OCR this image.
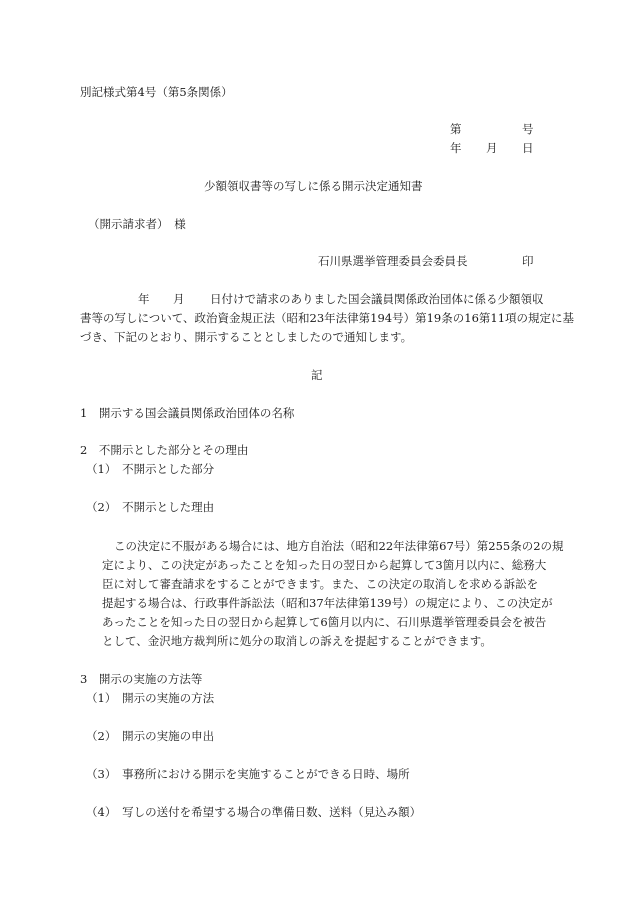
別記様式第4号（第5条関係）
第	号
年 月 日
少額領収書等の写しに係る開示決定通知書
（開示請求者）　様
石川県選挙管理委員会委員長	印
年 月 日付けで請求のありました国会議員関係政治団体に係る少額領収
書等の写しについて、政治資金規正法（昭和23年法律第194号）第19条の16第11項の規定に基
づき、下記のとおり、開示することとしましたので通知します。
記
1　開示する国会議員関係政治団体の名称
2　不開示とした部分とその理由
（1）　不開示とした部分
（2）　不開示とした理由
この決定に不服がある場合には、地方自治法（昭和22年法律第67号）第255条の2の規
定により、この決定があったことを知った日の翌日から起算して3箇月以内に、総務大
臣に対して審査請求をすることができます。また、この決定の取消しを求める訴訟を
提起する場合は、行政事件訴訟法（昭和37年法律第139号）の規定により、この決定が
あったことを知った日の翌日から起算して6箇月以内に、石川県選挙管理委員会を被告
として、金沢地方裁判所に処分の取消しの訴えを提起することができます。
3　開示の実施の方法等
（1）　開示の実施の方法
（2）　開示の実施の申出
（3）　事務所における開示を実施することができる日時、場所
（4）　写しの送付を希望する場合の準備日数、送料（見込み額）
